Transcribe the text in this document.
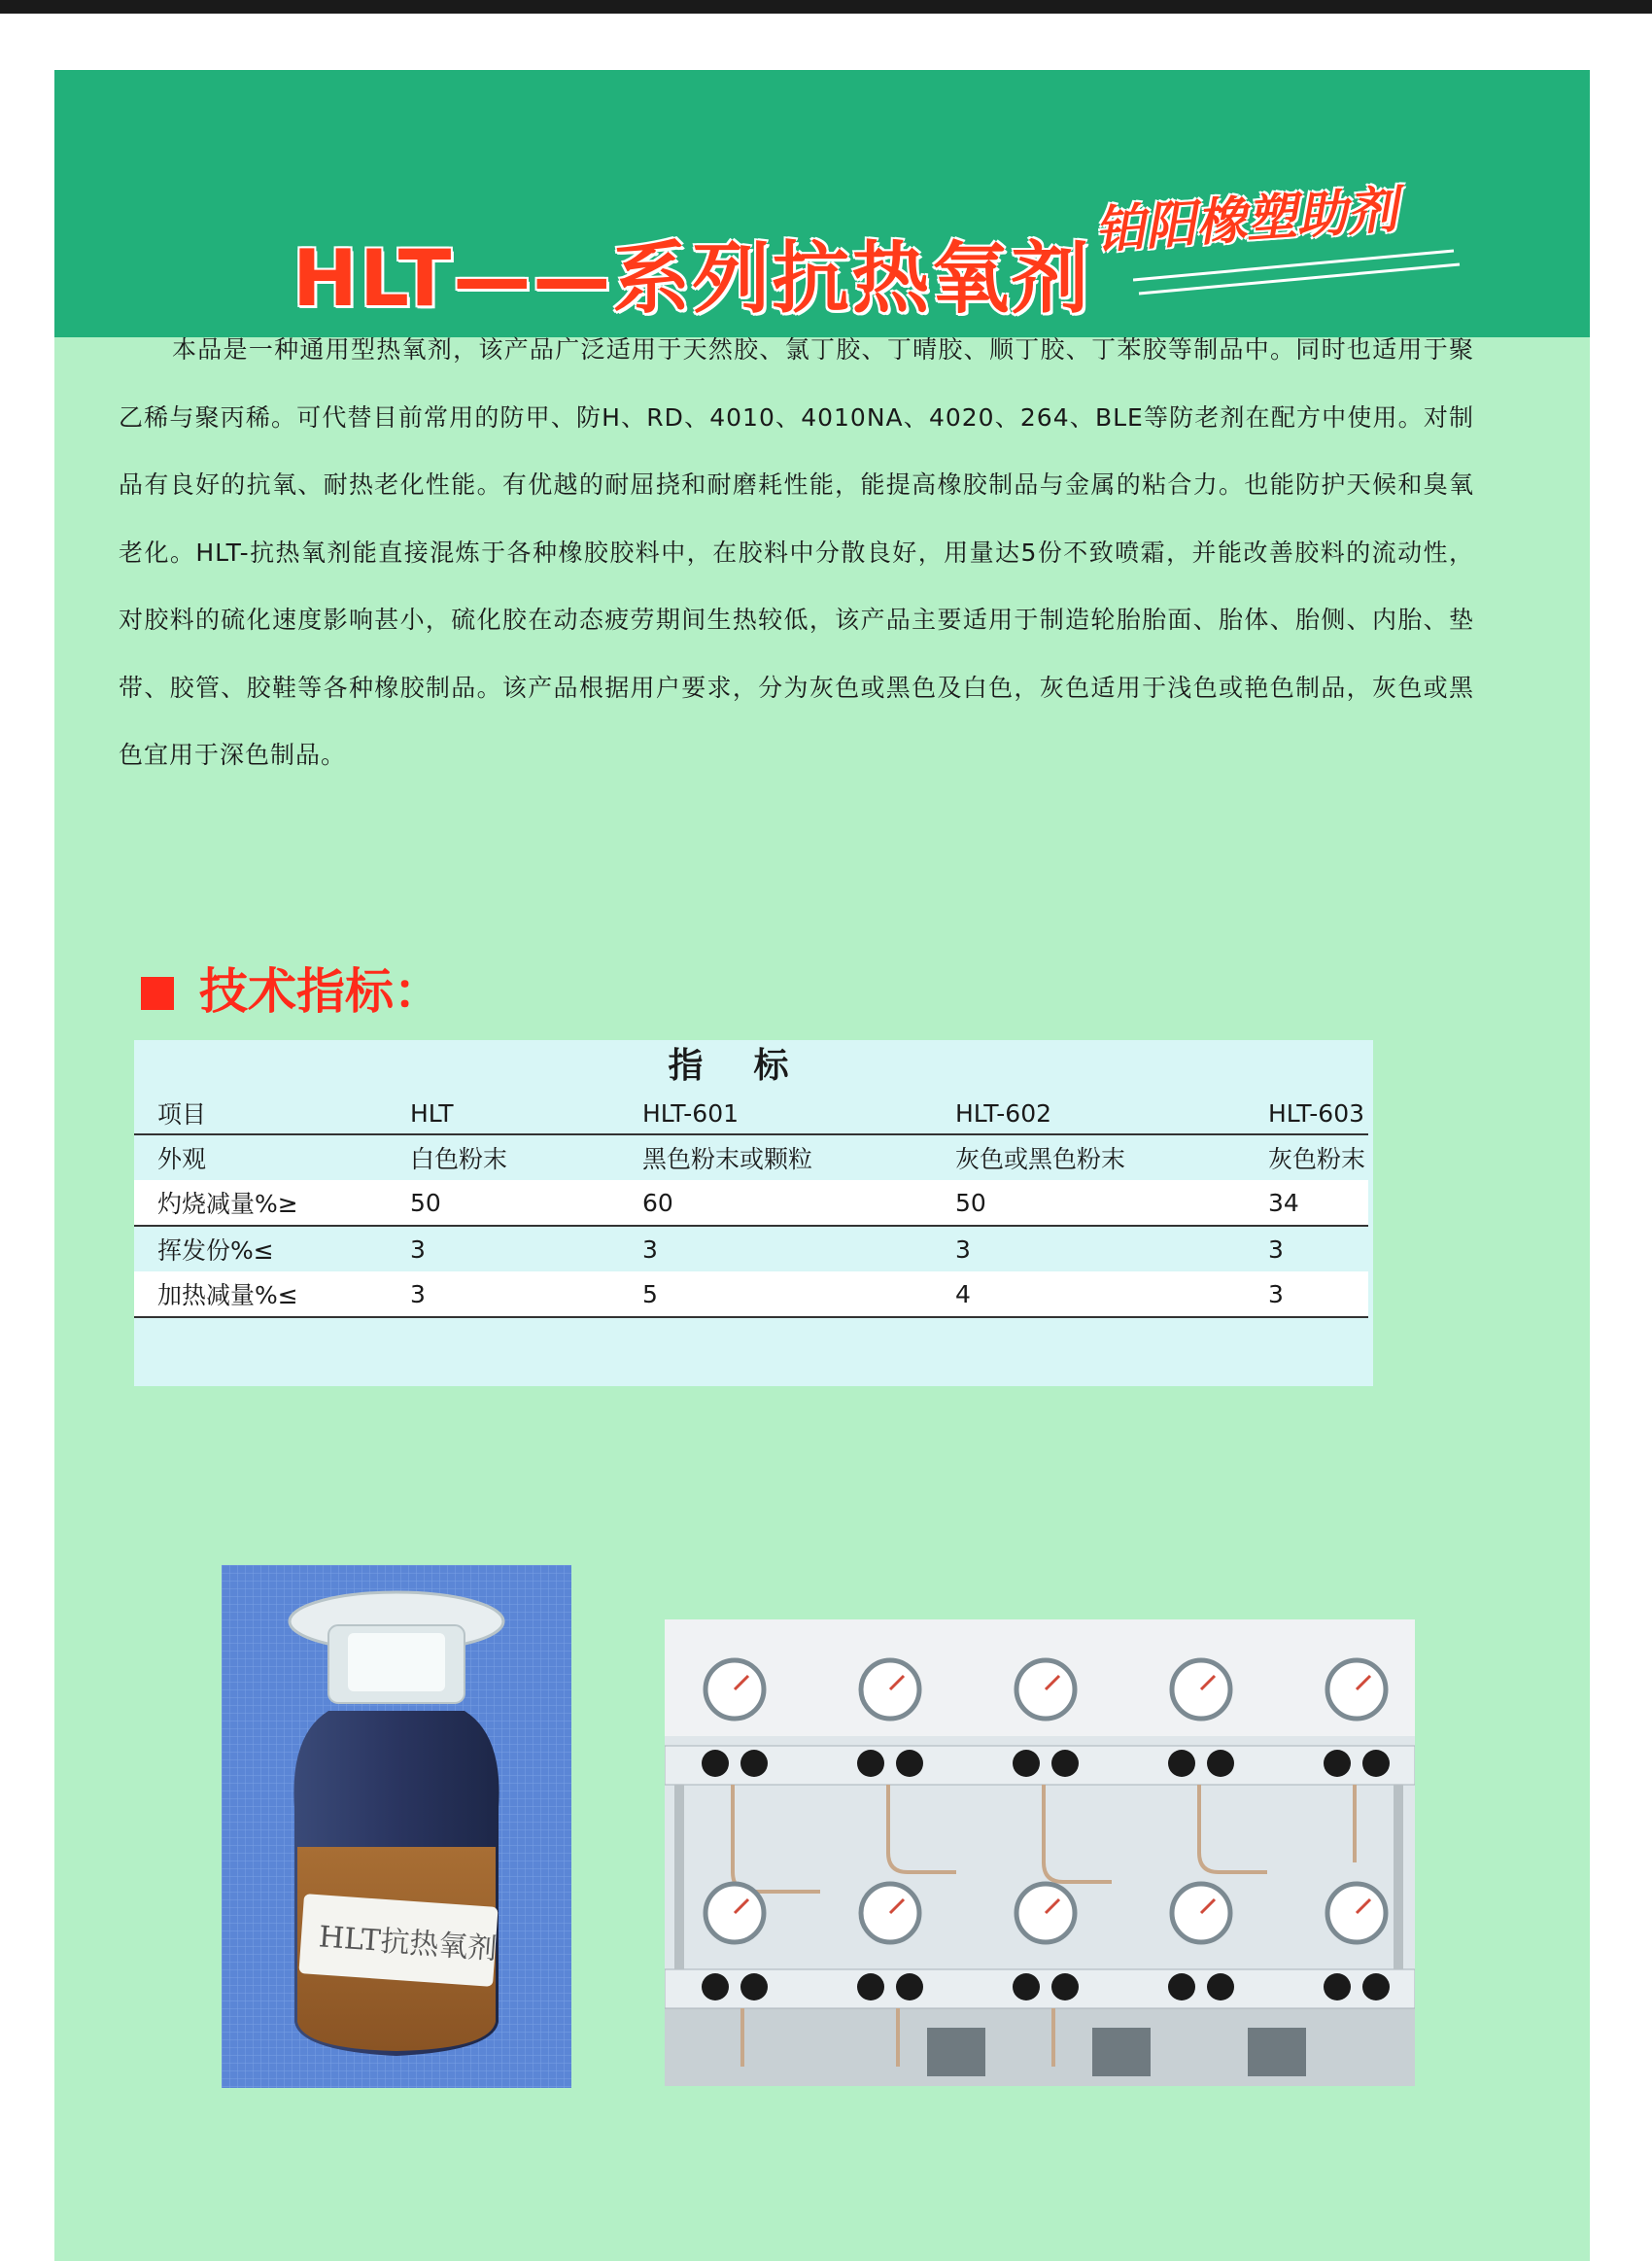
HLT——系列抗热氧剂
铂阳橡塑助剂
本品是一种通用型热氧剂，该产品广泛适用于天然胶、氯丁胶、丁晴胶、顺丁胶、丁苯胶等制品中。同时也适用于聚乙稀与聚丙稀。可代替目前常用的防甲、防H、RD、4010、4010NA、4020、264、BLE等防老剂在配方中使用。对制品有良好的抗氧、耐热老化性能。有优越的耐屈挠和耐磨耗性能，能提高橡胶制品与金属的粘合力。也能防护天候和臭氧老化。HLT-抗热氧剂能直接混炼于各种橡胶胶料中，在胶料中分散良好，用量达5份不致喷霜，并能改善胶料的流动性，对胶料的硫化速度影响甚小，硫化胶在动态疲劳期间生热较低，该产品主要适用于制造轮胎胎面、胎体、胎侧、内胎、垫带、胶管、胶鞋等各种橡胶制品。该产品根据用户要求，分为灰色或黑色及白色，灰色适用于浅色或艳色制品，灰色或黑色宜用于深色制品。
技术指标：
指标
项目	HLT	HLT-601	HLT-602	HLT-603
外观	白色粉末	黑色粉末或颗粒	灰色或黑色粉末	灰色粉末
灼烧减量%≥	50	60	50	34
挥发份%≤	3	3	3	3
加热减量%≤	3	5	4	3
HLT抗热氧剂
